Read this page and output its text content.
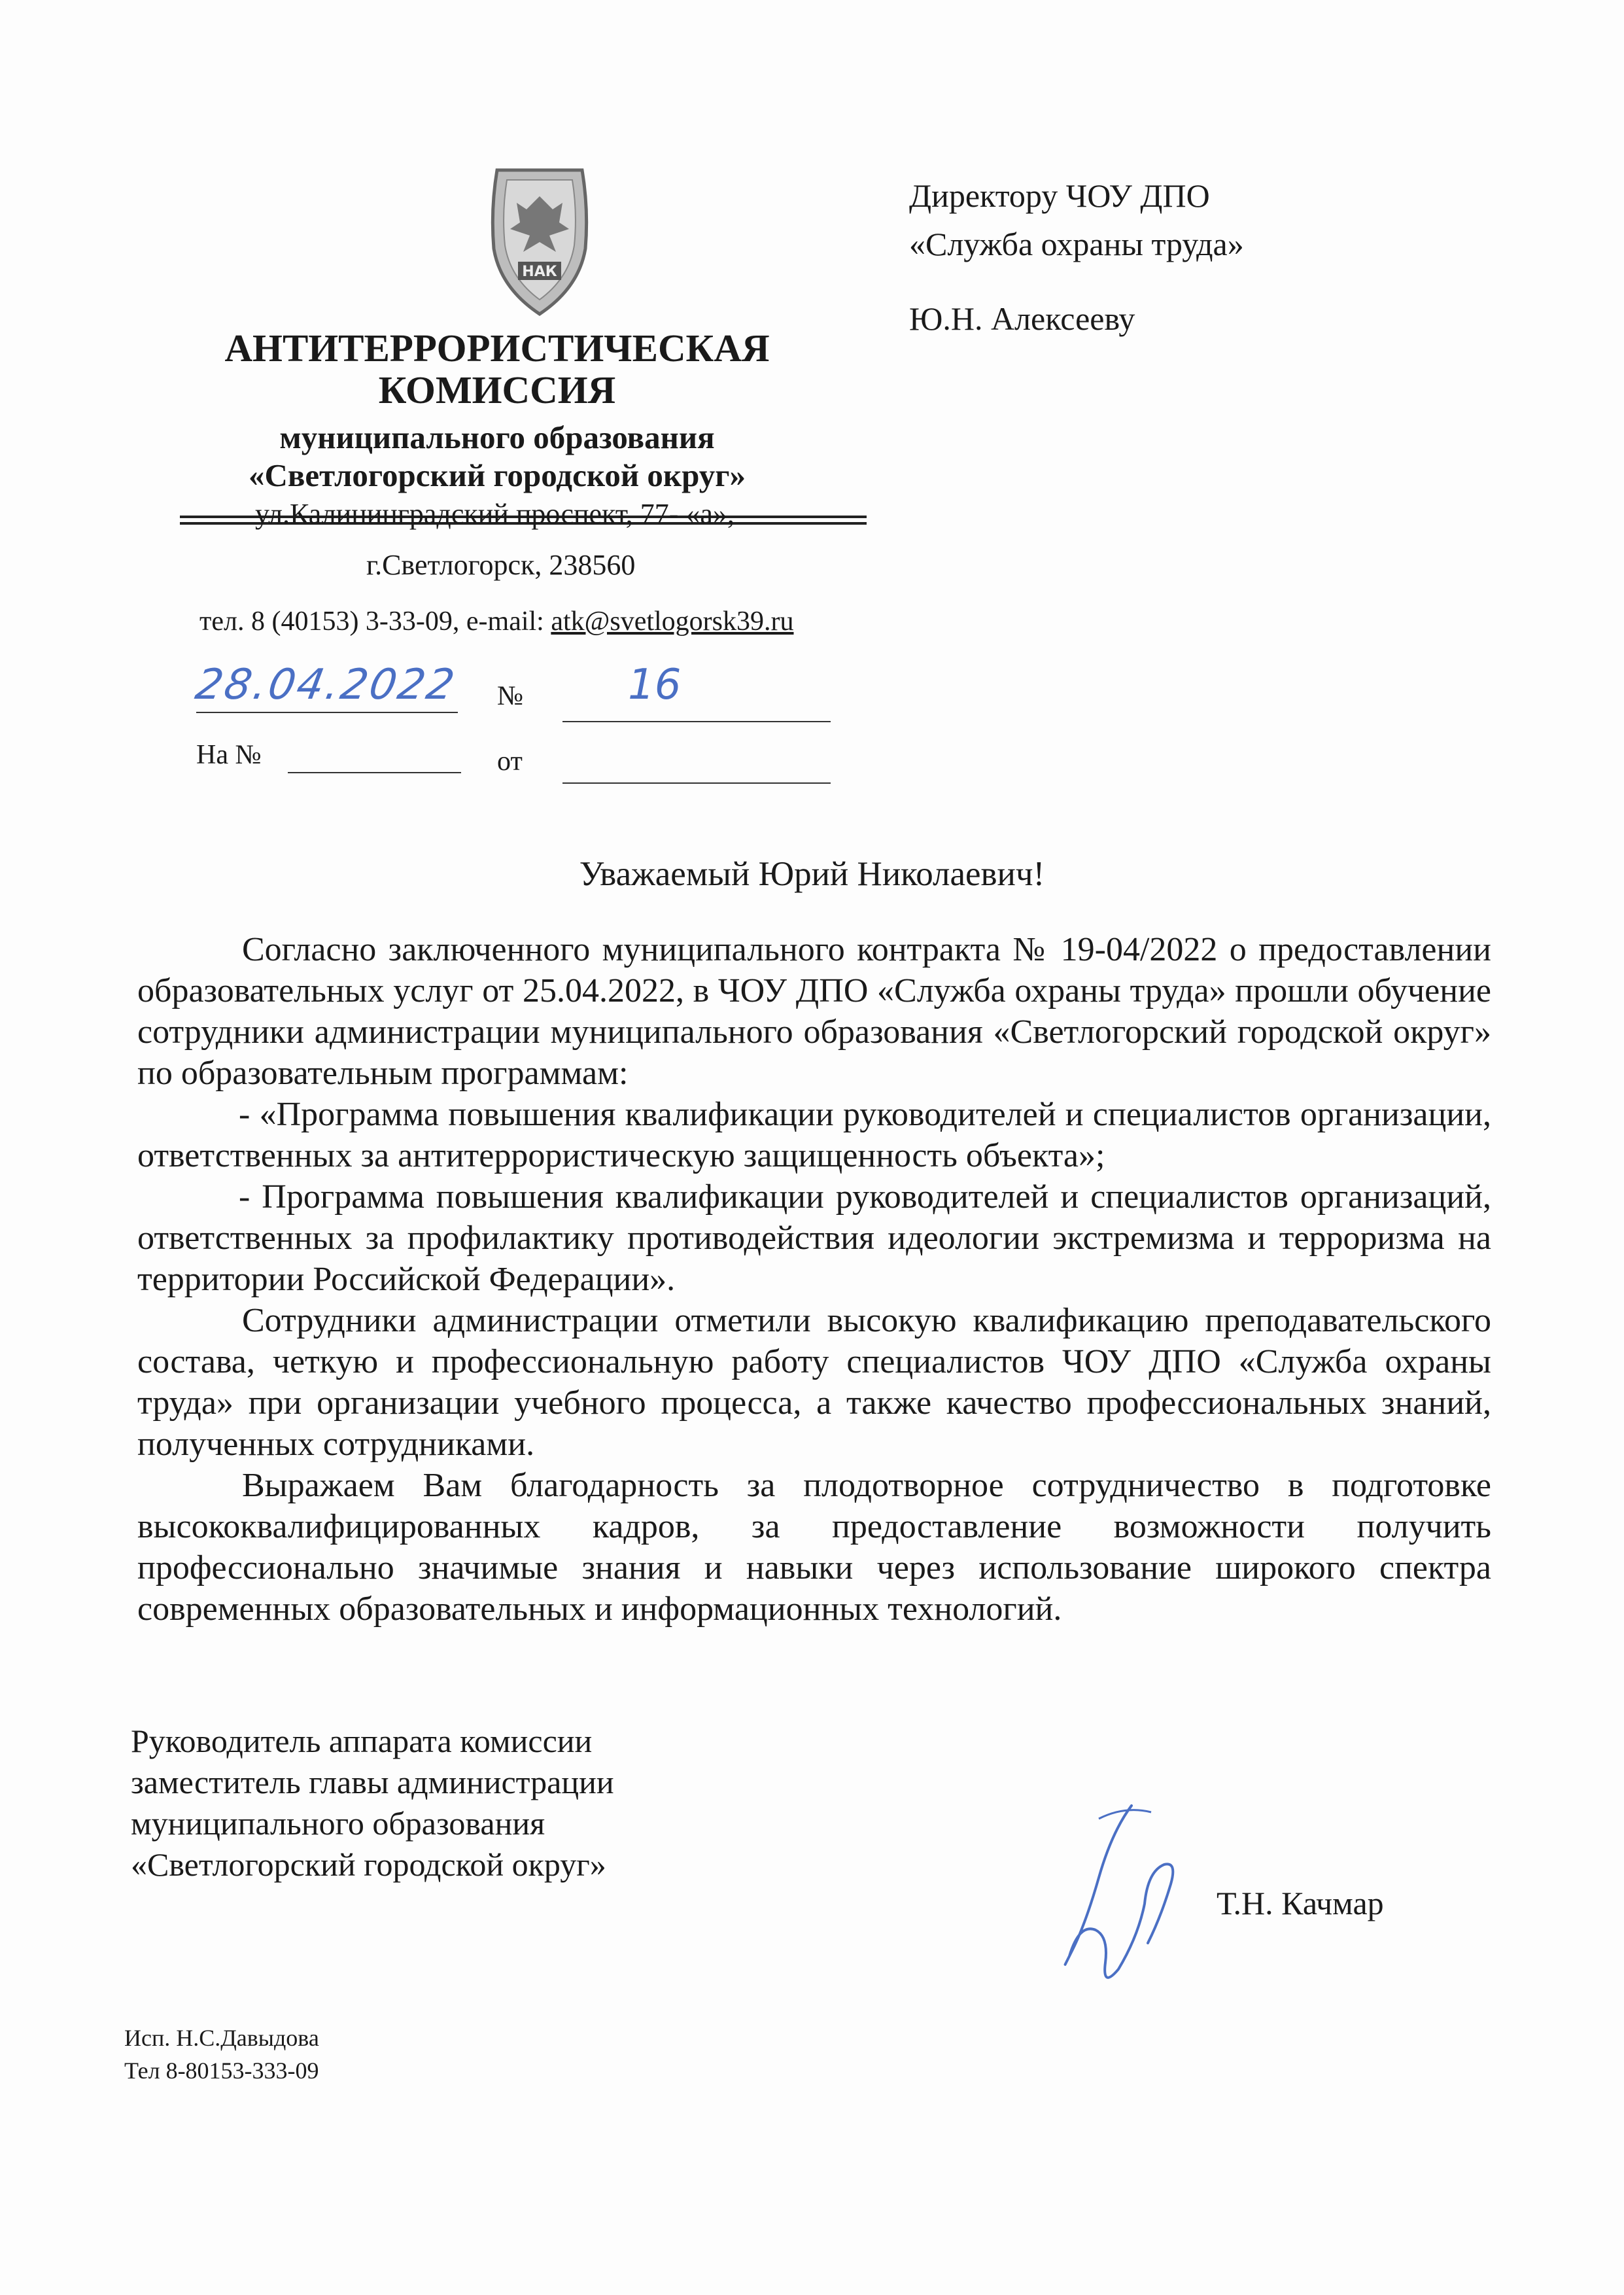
НАК
АНТИТЕРРОРИСТИЧЕСКАЯ
КОМИССИЯ
муниципального образования
«Светлогорский городской округ»
ул.Калининградский проспект, 77- «а»,
г.Светлогорск, 238560
тел. 8 (40153) 3-33-09, e-mail: atk@svetlogorsk39.ru
28.04.2022 № 16
На №	от
Директору ЧОУ ДПО
«Служба охраны труда»
Ю.Н. Алексееву
Уважаемый Юрий Николаевич!

Согласно заключенного муниципального контракта № 19-04/2022 о предоставлении образовательных услуг от 25.04.2022, в ЧОУ ДПО «Служба охраны труда» прошли обучение сотрудники администрации муниципального образования «Светлогорский городской округ» по образовательным программам:

- «Программа повышения квалификации руководителей и специалистов организации, ответственных за антитеррористическую защищенность объекта»;

- Программа повышения квалификации руководителей и специалистов организаций, ответственных за профилактику противодействия идеологии экстремизма и терроризма на территории Российской Федерации».

Сотрудники администрации отметили высокую квалификацию преподавательского состава, четкую и профессиональную работу специалистов ЧОУ ДПО «Служба охраны труда» при организации учебного процесса, а также качество профессиональных знаний, полученных сотрудниками.

Выражаем Вам благодарность за плодотворное сотрудничество в подготовке высококвалифицированных кадров, за предоставление возможности получить профессионально значимые знания и навыки через использование широкого спектра современных образовательных и информационных технологий.

Руководитель аппарата комиссии
заместитель главы администрации
муниципального образования
«Светлогорский городской округ»
Т.Н. Качмар
Исп. Н.С.Давыдова
Тел 8-80153-333-09
